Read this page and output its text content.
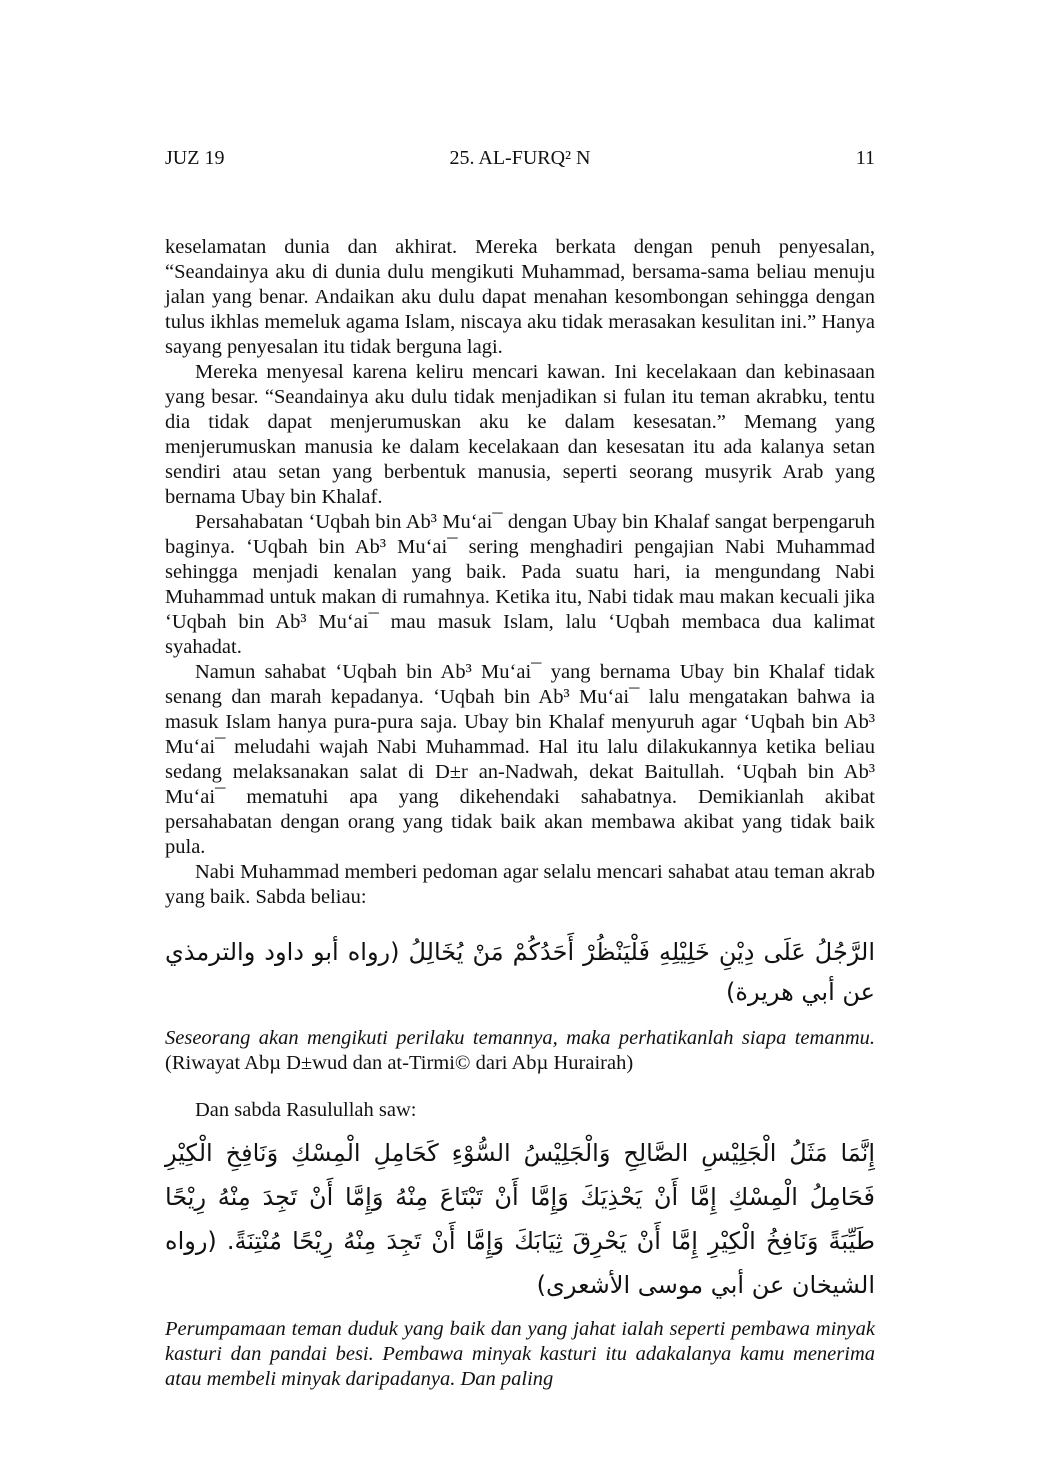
JUZ 19	25. AL-FURQ² N	11

keselamatan dunia dan akhirat. Mereka berkata dengan penuh penyesalan, “Seandainya aku di dunia dulu mengikuti Muhammad, bersama-sama beliau menuju jalan yang benar. Andaikan aku dulu dapat menahan kesombongan sehingga dengan tulus ikhlas memeluk agama Islam, niscaya aku tidak merasakan kesulitan ini.” Hanya sayang penyesalan itu tidak berguna lagi.

Mereka menyesal karena keliru mencari kawan. Ini kecelakaan dan kebinasaan yang besar. “Seandainya aku dulu tidak menjadikan si fulan itu teman akrabku, tentu dia tidak dapat menjerumuskan aku ke dalam kesesatan.” Memang yang menjerumuskan manusia ke dalam kecelakaan dan kesesatan itu ada kalanya setan sendiri atau setan yang berbentuk manusia, seperti seorang musyrik Arab yang bernama Ubay bin Khalaf.

Persahabatan ‘Uqbah bin Ab³ Mu‘ai¯ dengan Ubay bin Khalaf sangat berpengaruh baginya. ‘Uqbah bin Ab³ Mu‘ai¯ sering menghadiri pengajian Nabi Muhammad sehingga menjadi kenalan yang baik. Pada suatu hari, ia mengundang Nabi Muhammad untuk makan di rumahnya. Ketika itu, Nabi tidak mau makan kecuali jika ‘Uqbah bin Ab³ Mu‘ai¯ mau masuk Islam, lalu ‘Uqbah membaca dua kalimat syahadat.

Namun sahabat ‘Uqbah bin Ab³ Mu‘ai¯ yang bernama Ubay bin Khalaf tidak senang dan marah kepadanya. ‘Uqbah bin Ab³ Mu‘ai¯ lalu mengatakan bahwa ia masuk Islam hanya pura-pura saja. Ubay bin Khalaf menyuruh agar ‘Uqbah bin Ab³ Mu‘ai¯ meludahi wajah Nabi Muhammad. Hal itu lalu dilakukannya ketika beliau sedang melaksanakan salat di D±r an-Nadwah, dekat Baitullah. ‘Uqbah bin Ab³ Mu‘ai¯ mematuhi apa yang dikehendaki sahabatnya. Demikianlah akibat persahabatan dengan orang yang tidak baik akan membawa akibat yang tidak baik pula.

Nabi Muhammad memberi pedoman agar selalu mencari sahabat atau teman akrab yang baik. Sabda beliau:

الرَّجُلُ عَلَى دِيْنِ خَلِيْلِهِ فَلْيَنْظُرْ أَحَدُكُمْ مَنْ يُخَالِلُ (رواه أبو داود والترمذي عن أبي هريرة)

Seseorang akan mengikuti perilaku temannya, maka perhatikanlah siapa temanmu. (Riwayat Abµ D±wud dan at-Tirmi© dari Abµ Hurairah)

Dan sabda Rasulullah saw:

إِنَّمَا مَثَلُ الْجَلِيْسِ الصَّالِحِ وَالْجَلِيْسُ السُّوْءِ كَحَامِلِ الْمِسْكِ وَنَافِخِ الْكِيْرِ فَحَامِلُ الْمِسْكِ إِمَّا أَنْ يَحْذِيَكَ وَإِمَّا أَنْ تَبْتَاعَ مِنْهُ وَإِمَّا أَنْ تَجِدَ مِنْهُ رِيْحًا طَيِّبَةً وَنَافِخُ الْكِيْرِ إِمَّا أَنْ يَحْرِقَ ثِيَابَكَ وَإِمَّا أَنْ تَجِدَ مِنْهُ رِيْحًا مُنْتِنَةً. (رواه الشيخان عن أبي موسى الأشعرى)

Perumpamaan teman duduk yang baik dan yang jahat ialah seperti pembawa minyak kasturi dan pandai besi. Pembawa minyak kasturi itu adakalanya kamu menerima atau membeli minyak daripadanya. Dan paling
